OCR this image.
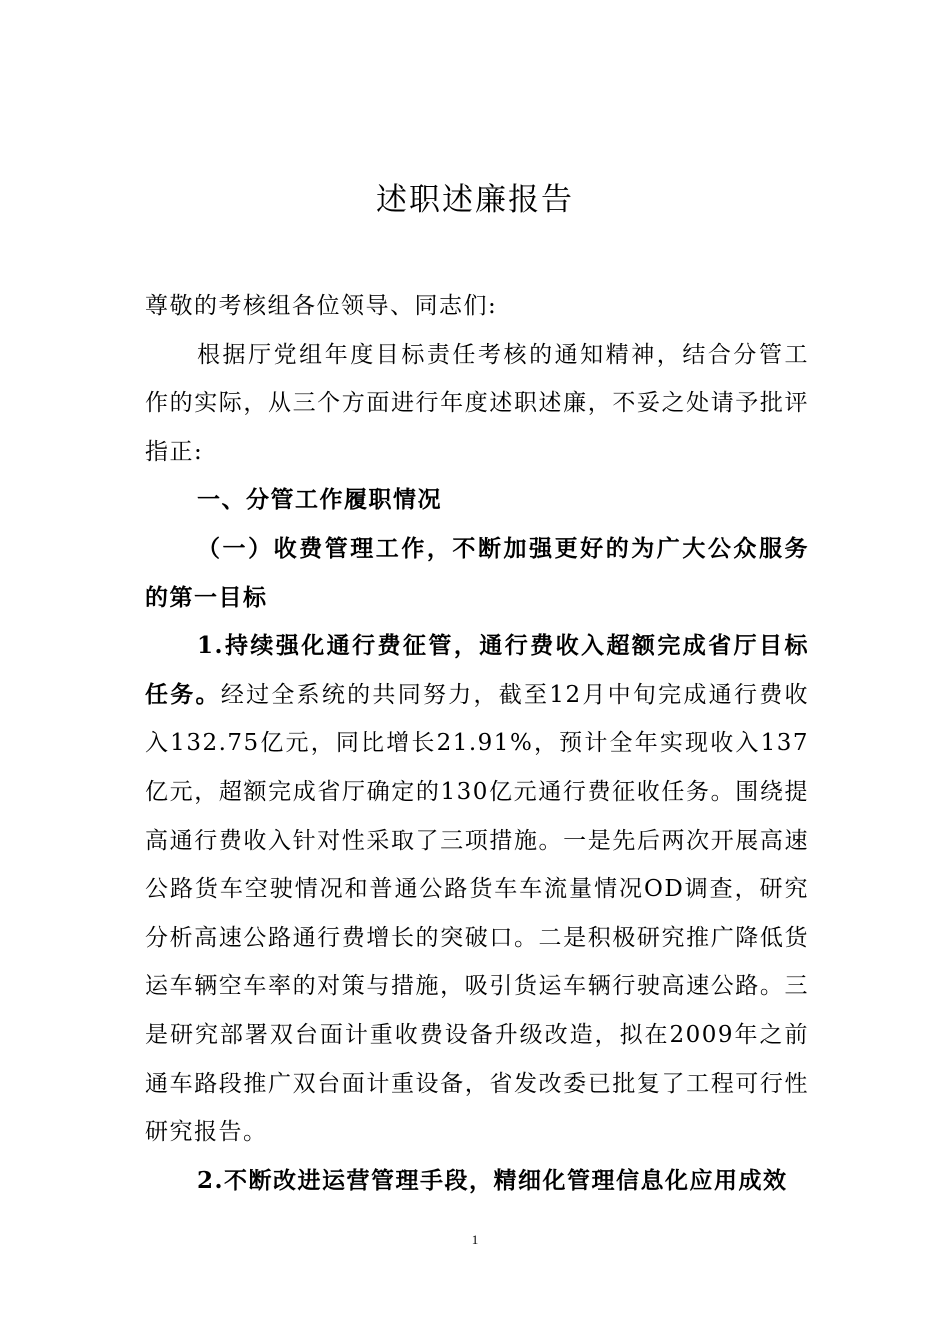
述职述廉报告

尊敬的考核组各位领导、同志们:

根据厅党组年度目标责任考核的通知精神，结合分管工作的实际，从三个方面进行年度述职述廉，不妥之处请予批评指正:

一、分管工作履职情况

（一）收费管理工作，不断加强更好的为广大公众服务的第一目标

1.持续强化通行费征管，通行费收入超额完成省厅目标任务。经过全系统的共同努力，截至12月中旬完成通行费收入132.75亿元，同比增长21.91%，预计全年实现收入137亿元，超额完成省厅确定的130亿元通行费征收任务。围绕提高通行费收入针对性采取了三项措施。一是先后两次开展高速公路货车空驶情况和普通公路货车车流量情况OD调查，研究分析高速公路通行费增长的突破口。二是积极研究推广降低货运车辆空车率的对策与措施，吸引货运车辆行驶高速公路。三是研究部署双台面计重收费设备升级改造，拟在2009年之前通车路段推广双台面计重设备，省发改委已批复了工程可行性研究报告。

2.不断改进运营管理手段，精细化管理信息化应用成效

1
